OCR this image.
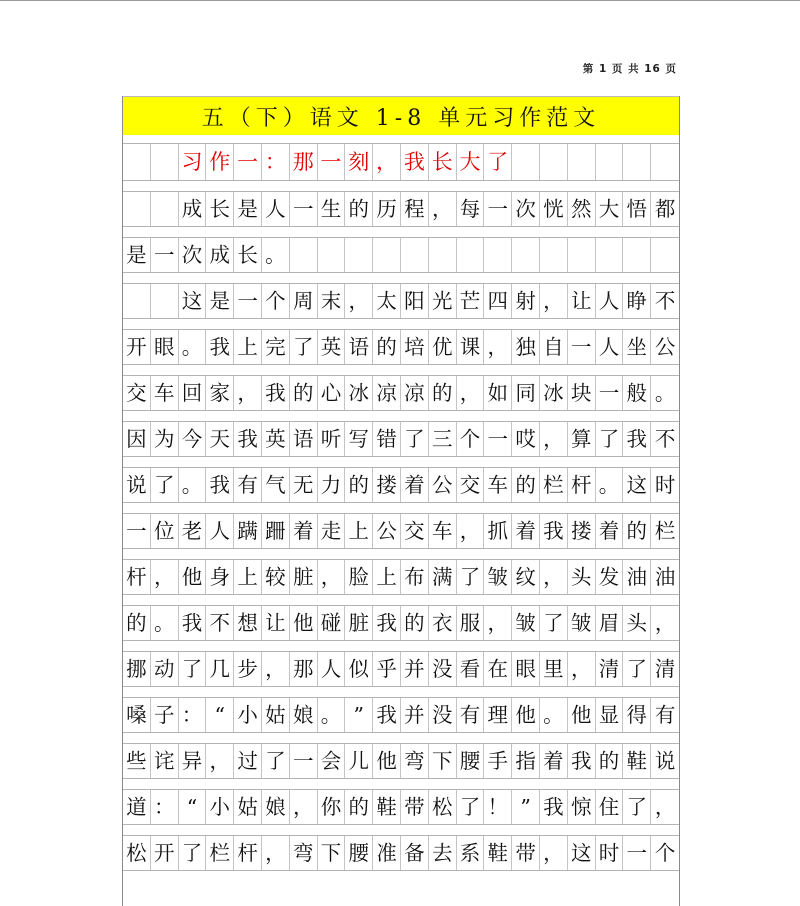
第 1 页 共 16 页
五（下）语文 1-8 单元习作范文
习 作 一 ： 那 一 刻 ， 我 长 大 了
成 长 是 人 一 生 的 历 程 ， 每 一 次 恍 然 大 悟 都
是 一 次 成 长 。
这 是 一 个 周 末 ， 太 阳 光 芒 四 射 ， 让 人 睁 不
开 眼 。 我 上 完 了 英 语 的 培 优 课 ， 独 自 一 人 坐 公
交 车 回 家 ， 我 的 心 冰 凉 凉 的 ， 如 同 冰 块 一 般 。
因 为 今 天 我 英 语 听 写 错 了 三 个 一 哎 ， 算 了 我 不
说 了 。 我 有 气 无 力 的 搂 着 公 交 车 的 栏 杆 。 这 时
一 位 老 人 蹒 跚 着 走 上 公 交 车 ， 抓 着 我 搂 着 的 栏
杆 ， 他 身 上 较 脏 ， 脸 上 布 满 了 皱 纹 ， 头 发 油 油
的 。 我 不 想 让 他 碰 脏 我 的 衣 服 ， 皱 了 皱 眉 头 ，
挪 动 了 几 步 ， 那 人 似 乎 并 没 看 在 眼 里 ， 清 了 清
嗓 子 ： “ 小 姑 娘 。 ” 我 并 没 有 理 他 。 他 显 得 有
些 诧 异 ， 过 了 一 会 儿 他 弯 下 腰 手 指 着 我 的 鞋 说
道 ： “ 小 姑 娘 ， 你 的 鞋 带 松 了 ！ ” 我 惊 住 了 ，
松 开 了 栏 杆 ， 弯 下 腰 准 备 去 系 鞋 带 ， 这 时 一 个
